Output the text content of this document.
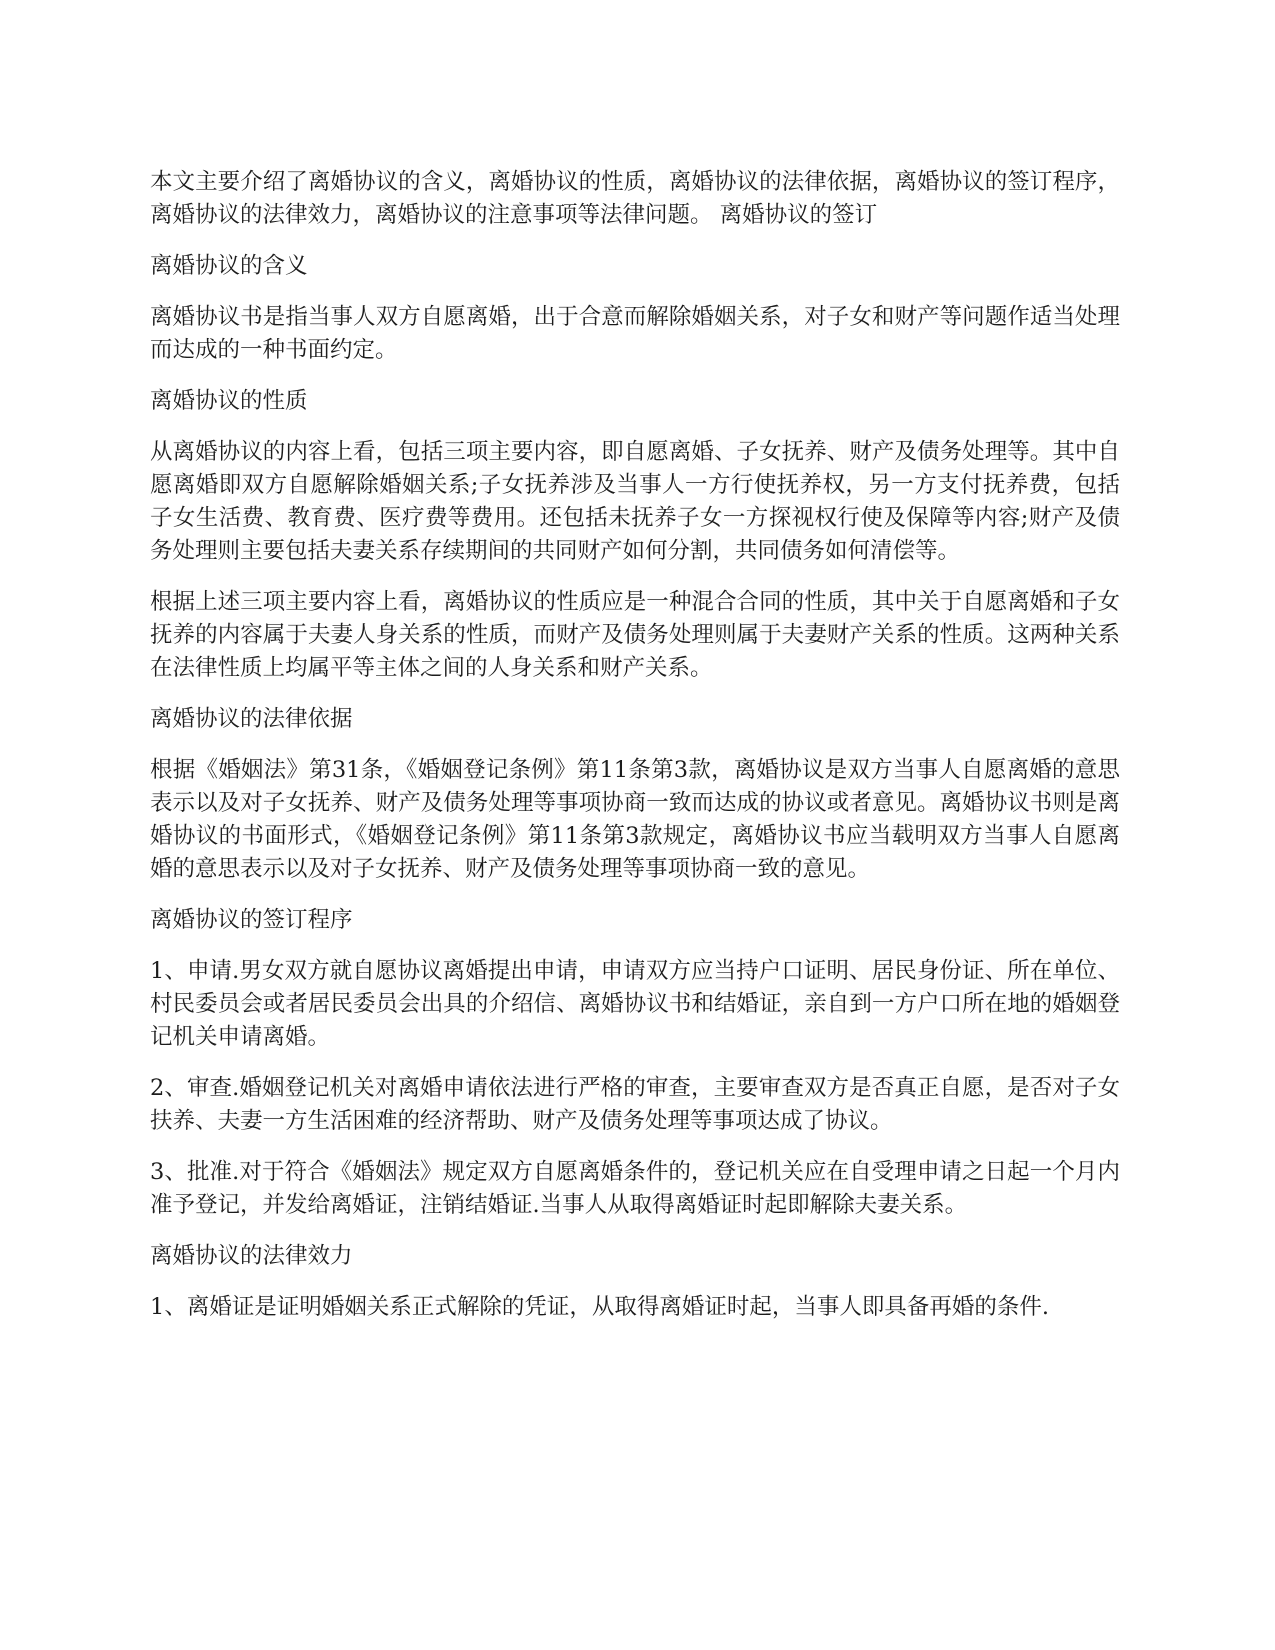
本文主要介绍了离婚协议的含义，离婚协议的性质，离婚协议的法律依据，离婚协议的签订程序，离婚协议的法律效力，离婚协议的注意事项等法律问题。 离婚协议的签订

离婚协议的含义

离婚协议书是指当事人双方自愿离婚，出于合意而解除婚姻关系，对子女和财产等问题作适当处理而达成的一种书面约定。

离婚协议的性质

从离婚协议的内容上看，包括三项主要内容，即自愿离婚、子女抚养、财产及债务处理等。其中自愿离婚即双方自愿解除婚姻关系;子女抚养涉及当事人一方行使抚养权，另一方支付抚养费，包括子女生活费、教育费、医疗费等费用。还包括未抚养子女一方探视权行使及保障等内容;财产及债务处理则主要包括夫妻关系存续期间的共同财产如何分割，共同债务如何清偿等。

根据上述三项主要内容上看，离婚协议的性质应是一种混合合同的性质，其中关于自愿离婚和子女抚养的内容属于夫妻人身关系的性质，而财产及债务处理则属于夫妻财产关系的性质。这两种关系在法律性质上均属平等主体之间的人身关系和财产关系。

离婚协议的法律依据

根据《婚姻法》第31条，《婚姻登记条例》第11条第3款，离婚协议是双方当事人自愿离婚的意思表示以及对子女抚养、财产及债务处理等事项协商一致而达成的协议或者意见。离婚协议书则是离婚协议的书面形式，《婚姻登记条例》第11条第3款规定，离婚协议书应当载明双方当事人自愿离婚的意思表示以及对子女抚养、财产及债务处理等事项协商一致的意见。

离婚协议的签订程序

1、申请.男女双方就自愿协议离婚提出申请，申请双方应当持户口证明、居民身份证、所在单位、村民委员会或者居民委员会出具的介绍信、离婚协议书和结婚证，亲自到一方户口所在地的婚姻登记机关申请离婚。

2、审查.婚姻登记机关对离婚申请依法进行严格的审查，主要审查双方是否真正自愿，是否对子女扶养、夫妻一方生活困难的经济帮助、财产及债务处理等事项达成了协议。

3、批准.对于符合《婚姻法》规定双方自愿离婚条件的，登记机关应在自受理申请之日起一个月内准予登记，并发给离婚证，注销结婚证.当事人从取得离婚证时起即解除夫妻关系。

离婚协议的法律效力

1、离婚证是证明婚姻关系正式解除的凭证，从取得离婚证时起，当事人即具备再婚的条件.
